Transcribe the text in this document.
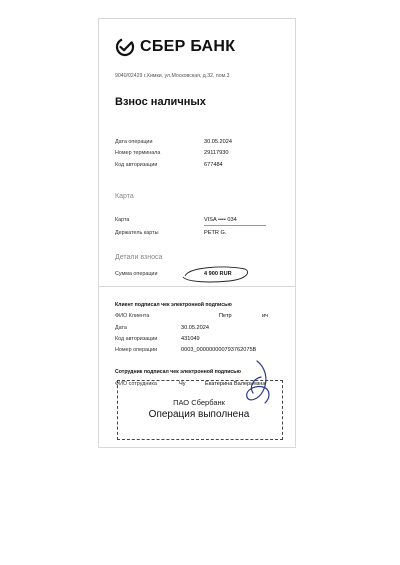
СБЕР БАНК
9040/02429 г.Химки, ул.Московская, д.32, пом.3
Взнос наличных
Дата операции	30.05.2024
Номер терминала	29117930
Код авторизации	677484
Карта
Карта	VISA •••• 034
Держатель карты	PETR G.
Детали взноса
Сумма операции	4 900 RUR
Клиент подписал чек электронной подписью
ФИО Клиента	Петр	ич
Дата	30.05.2024
Код авторизации	431049
Номер операции	0003_000000000793762075B
Сотрудник подписал чек электронной подписью
ФИО сотрудника	Чу	Екатерина Валерьевна
ПАО Сбербанк
Операция выполнена
